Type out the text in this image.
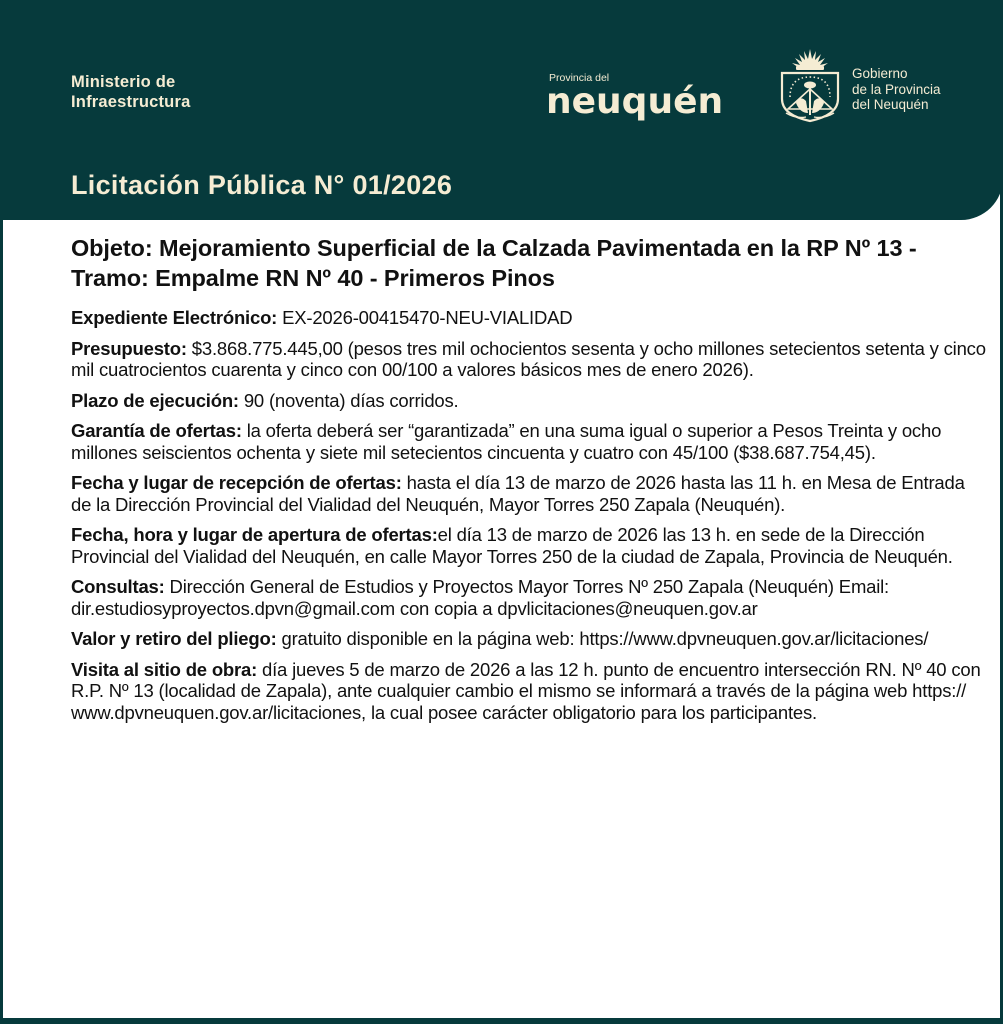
Ministerio de
Infraestructura
Provincia del
neuquén
Gobierno
de la Provincia
del Neuquén
Licitación Pública N° 01/2026
Objeto: Mejoramiento Superficial de la Calzada Pavimentada en la RP Nº 13 - Tramo: Empalme RN Nº 40 - Primeros Pinos

Expediente Electrónico: EX-2026-00415470-NEU-VIALIDAD

Presupuesto: $3.868.775.445,00 (pesos tres mil ochocientos sesenta y ocho millones setecientos setenta y cinco mil cuatrocientos cuarenta y cinco con 00/100 a valores básicos mes de enero 2026).

Plazo de ejecución: 90 (noventa) días corridos.

Garantía de ofertas: la oferta deberá ser “garantizada” en una suma igual o superior a Pesos Treinta y ocho millones seiscientos ochenta y siete mil setecientos cincuenta y cuatro con 45/100 ($38.687.754,45).

Fecha y lugar de recepción de ofertas: hasta el día 13 de marzo de 2026 hasta las 11 h. en Mesa de Entrada de la Dirección Provincial del Vialidad del Neuquén, Mayor Torres 250 Zapala (Neuquén).

Fecha, hora y lugar de apertura de ofertas:el día 13 de marzo de 2026 las 13 h. en sede de la Dirección Provincial del Vialidad del Neuquén, en calle Mayor Torres 250 de la ciudad de Zapala, Provincia de Neuquén.

Consultas: Dirección General de Estudios y Proyectos Mayor Torres Nº 250 Zapala (Neuquén) Email: dir.estudiosyproyectos.dpvn@gmail.com con copia a dpvlicitaciones@neuquen.gov.ar

Valor y retiro del pliego: gratuito disponible en la página web: https://www.dpvneuquen.gov.ar/licitaciones/

Visita al sitio de obra: día jueves 5 de marzo de 2026 a las 12 h. punto de encuentro intersección RN. Nº 40 con R.P. Nº 13 (localidad de Zapala), ante cualquier cambio el mismo se informará a través de la página web https:// www.dpvneuquen.gov.ar/licitaciones, la cual posee carácter obligatorio para los participantes.
